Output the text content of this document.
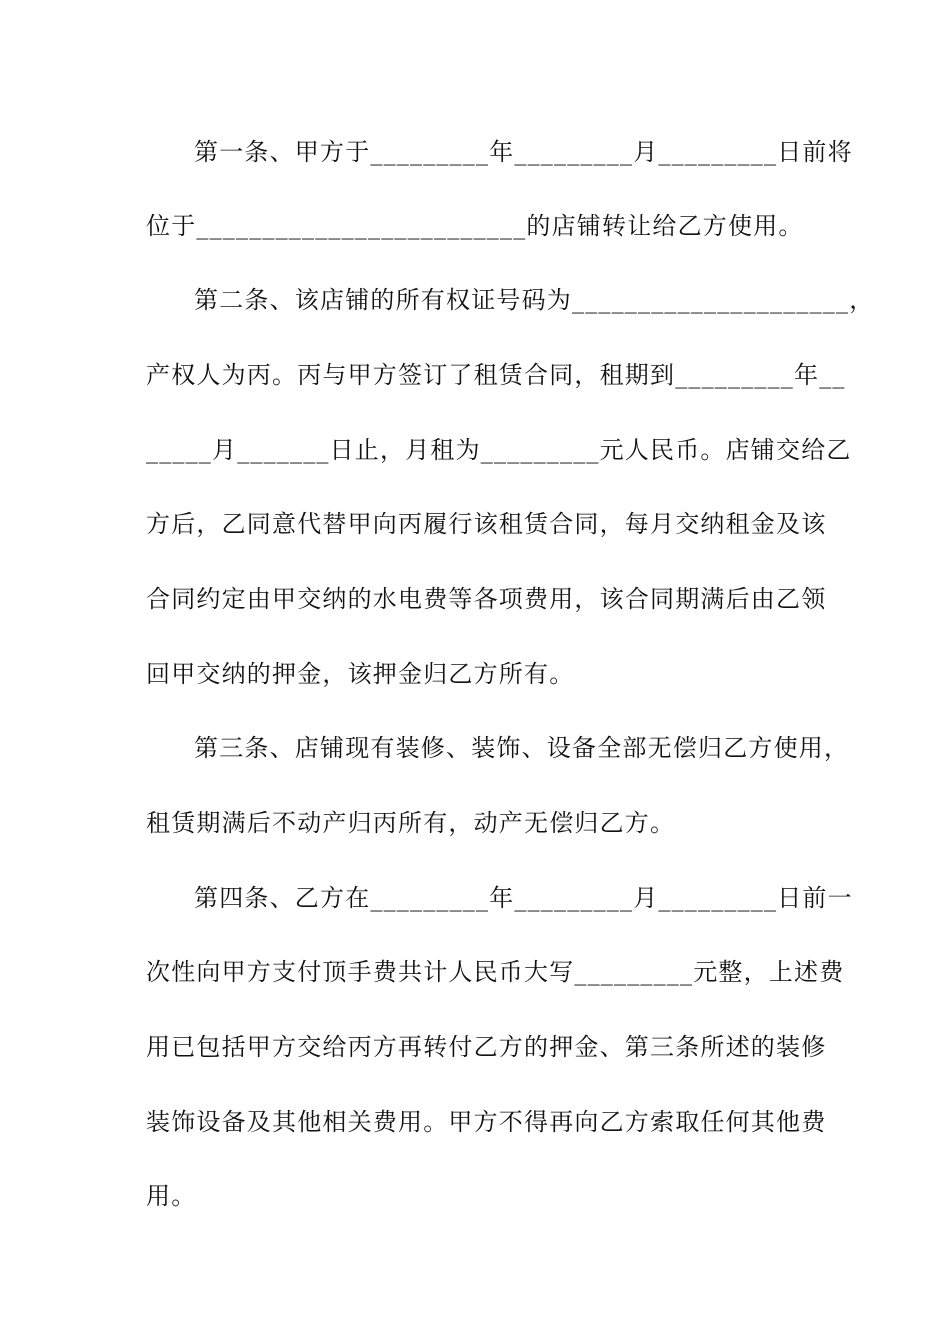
第一条、甲方于_________年_________月_________日前将
位于_________________________的店铺转让给乙方使用。
第二条、该店铺的所有权证号码为_____________________，
产权人为丙。丙与甲方签订了租赁合同，租期到_________年__
_____月_______日止，月租为_________元人民币。店铺交给乙
方后，乙同意代替甲向丙履行该租赁合同，每月交纳租金及该
合同约定由甲交纳的水电费等各项费用，该合同期满后由乙领
回甲交纳的押金，该押金归乙方所有。
第三条、店铺现有装修、装饰、设备全部无偿归乙方使用，
租赁期满后不动产归丙所有，动产无偿归乙方。
第四条、乙方在_________年_________月_________日前一
次性向甲方支付顶手费共计人民币大写_________元整，上述费
用已包括甲方交给丙方再转付乙方的押金、第三条所述的装修
装饰设备及其他相关费用。甲方不得再向乙方索取任何其他费
用。
